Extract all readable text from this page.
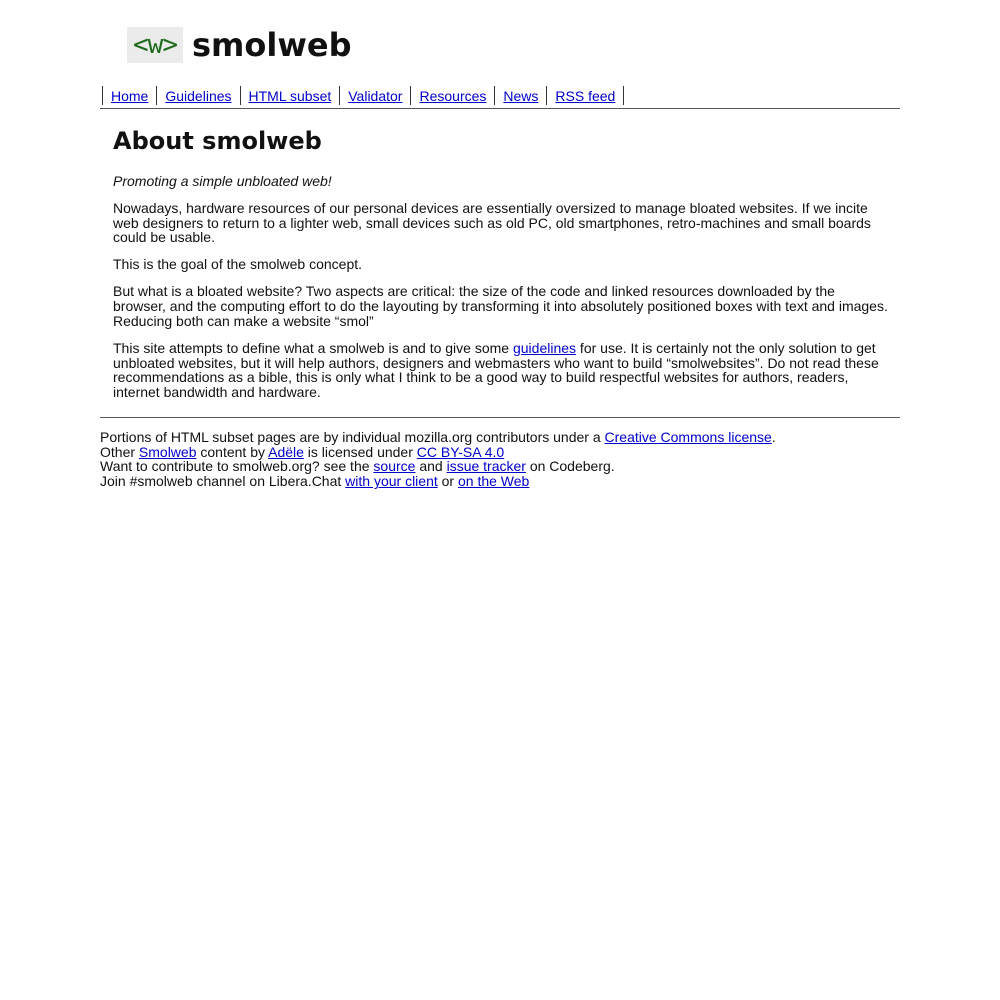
<w> smolweb
Home	Guidelines	HTML subset	Validator	Resources	News	RSS feed
About smolweb

Promoting a simple unbloated web!

Nowadays, hardware resources of our personal devices are essentially oversized to manage bloated websites. If we incite web designers to return to a lighter web, small devices such as old PC, old smartphones, retro-machines and small boards could be usable.

This is the goal of the smolweb concept.

But what is a bloated website? Two aspects are critical: the size of the code and linked resources downloaded by the browser, and the computing effort to do the layouting by transforming it into absolutely positioned boxes with text and images. Reducing both can make a website “smol”

This site attempts to define what a smolweb is and to give some guidelines for use. It is certainly not the only solution to get unbloated websites, but it will help authors, designers and webmasters who want to build “smolwebsites”. Do not read these recommendations as a bible, this is only what I think to be a good way to build respectful websites for authors, readers, internet bandwidth and hardware.

Portions of HTML subset pages are by individual mozilla.org contributors under a Creative Commons license.
Other Smolweb content by Adële is licensed under CC BY-SA 4.0
Want to contribute to smolweb.org? see the source and issue tracker on Codeberg.
Join #smolweb channel on Libera.Chat with your client or on the Web
